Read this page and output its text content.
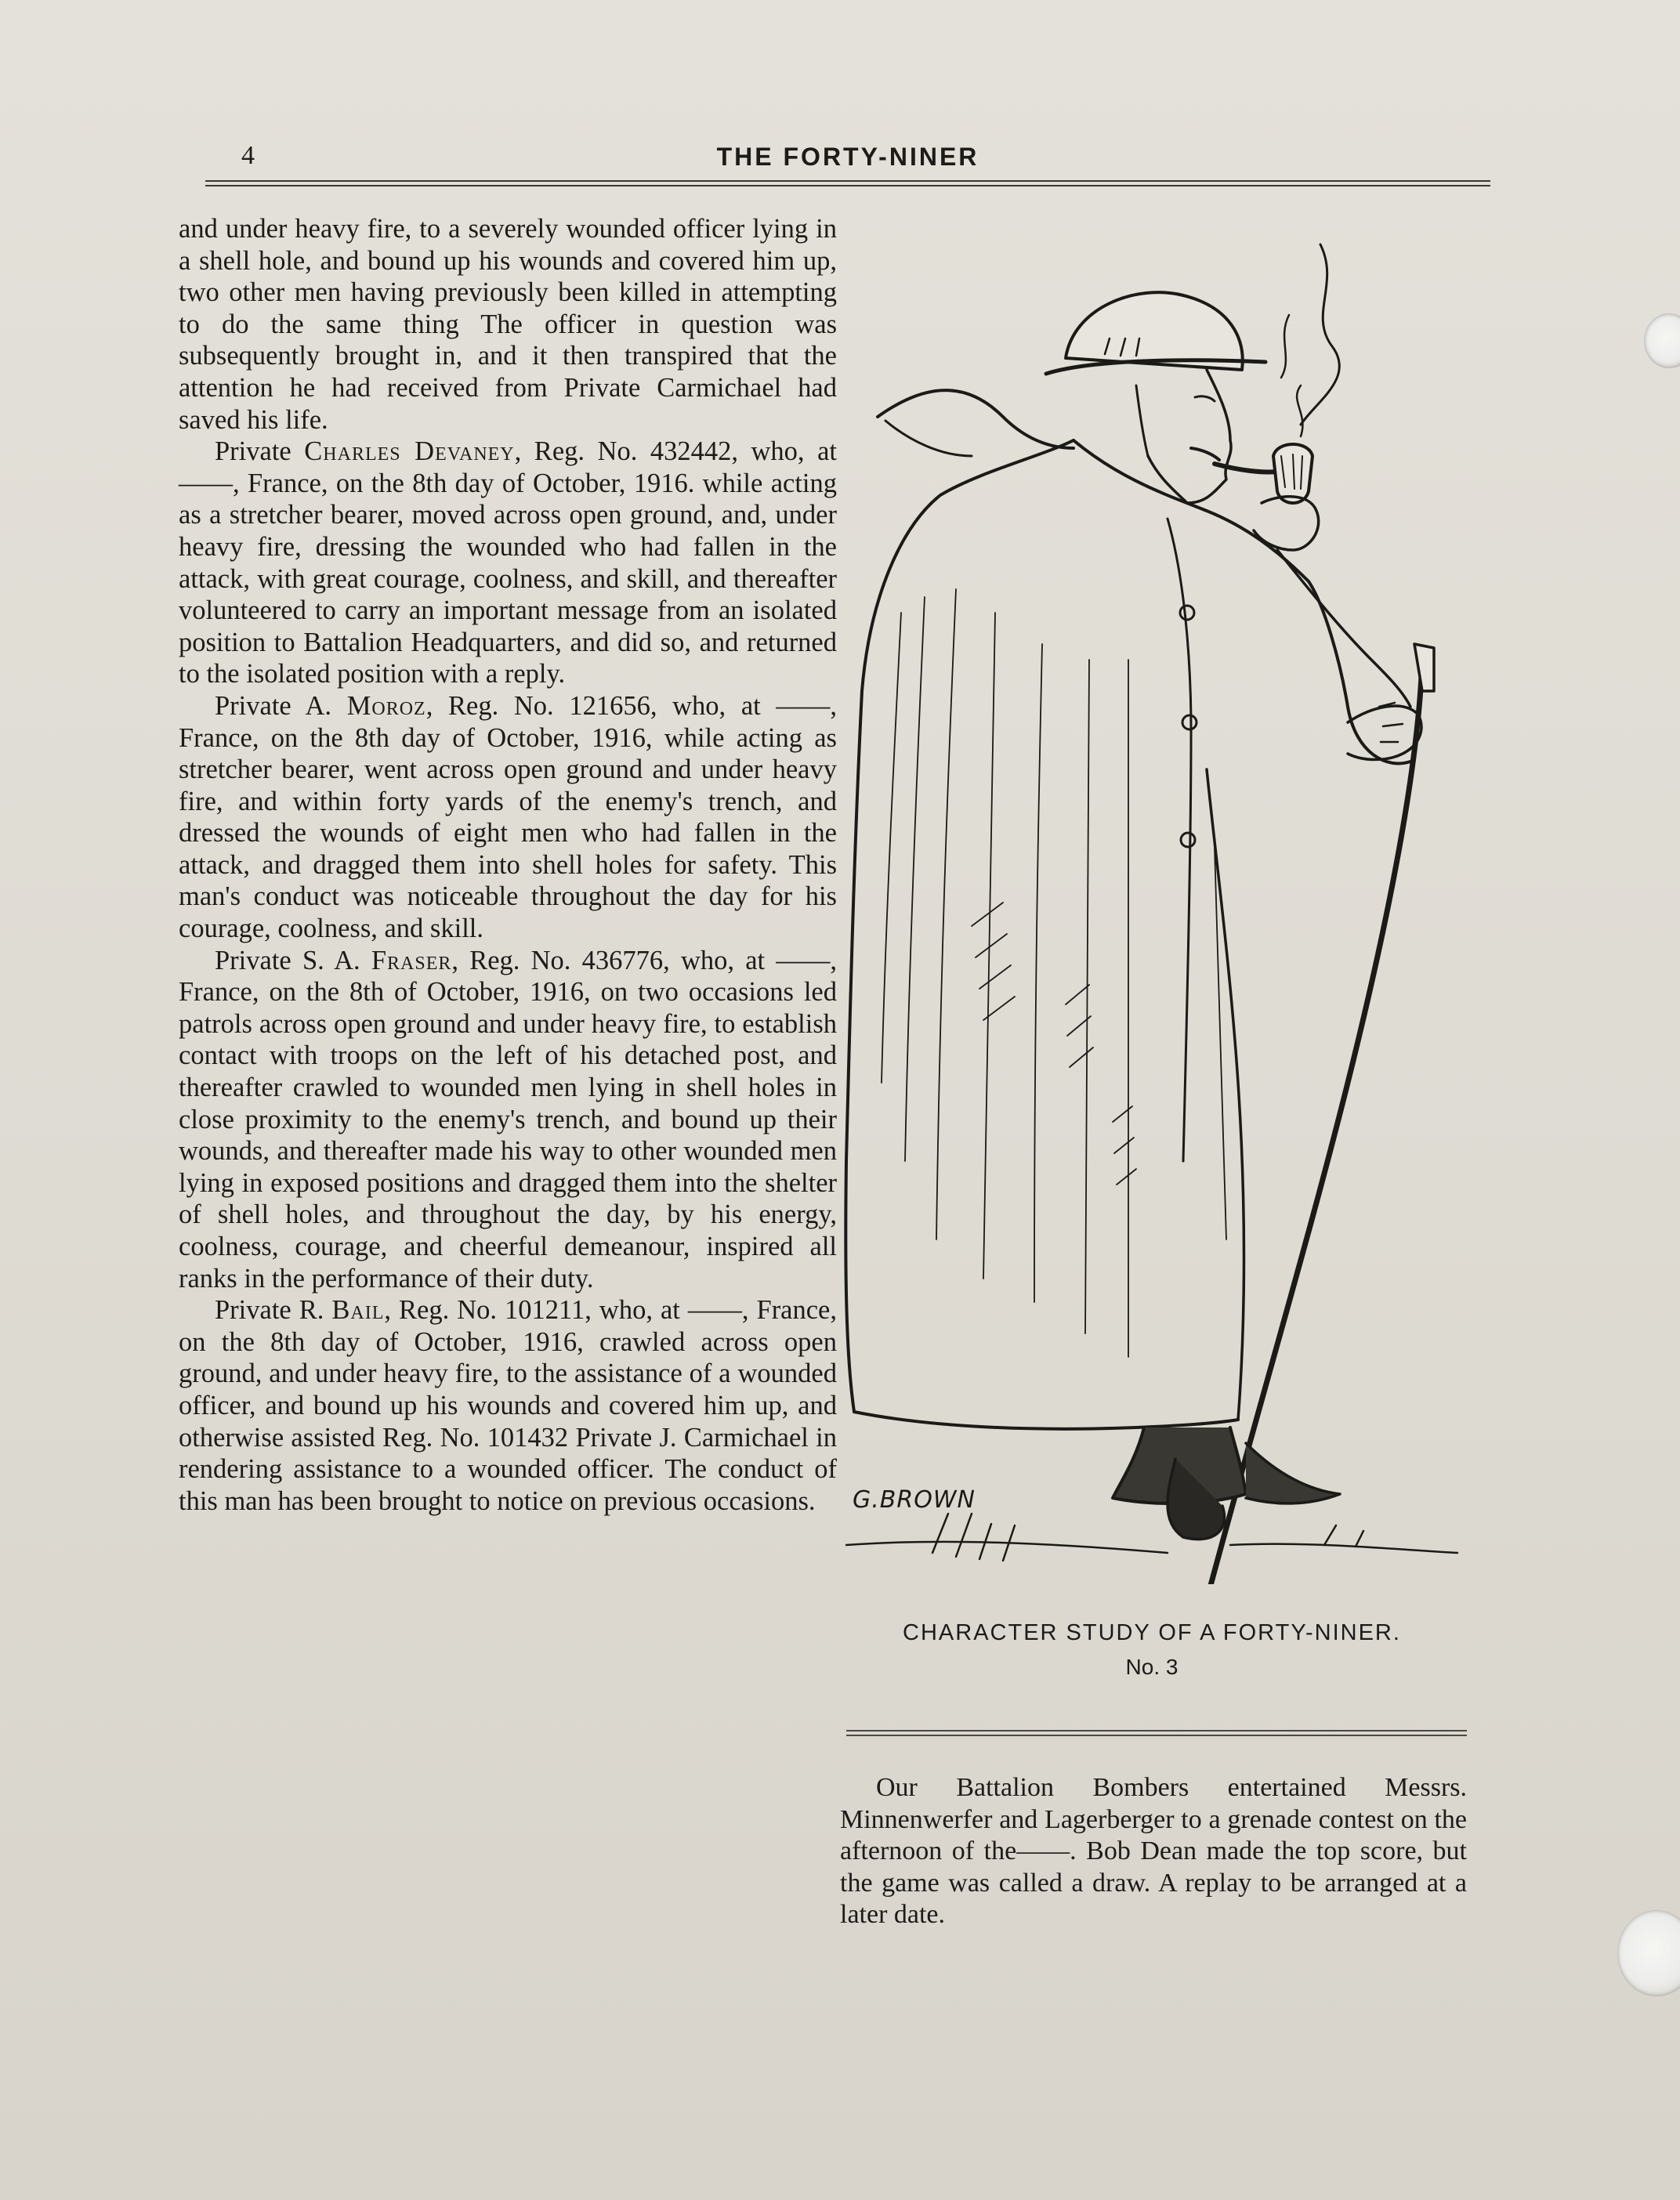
4	THE FORTY-NINER

and under heavy fire, to a severely wounded officer lying in a shell hole, and bound up his wounds and covered him up, two other men having previously been killed in attempting to do the same thing The officer in question was subsequently brought in, and it then transpired that the attention he had received from Private Carmichael had saved his life.

Private Charles Devaney, Reg. No. 432442, who, at ——, France, on the 8th day of October, 1916. while acting as a stretcher bearer, moved across open ground, and, under heavy fire, dressing the wounded who had fallen in the attack, with great courage, coolness, and skill, and thereafter volunteered to carry an important message from an isolated position to Battalion Headquarters, and did so, and returned to the isolated position with a reply.

Private A. Moroz, Reg. No. 121656, who, at ——, France, on the 8th day of October, 1916, while acting as stretcher bearer, went across open ground and under heavy fire, and within forty yards of the enemy's trench, and dressed the wounds of eight men who had fallen in the attack, and dragged them into shell holes for safety. This man's conduct was noticeable throughout the day for his courage, coolness, and skill.

Private S. A. Fraser, Reg. No. 436776, who, at ——, France, on the 8th of October, 1916, on two occasions led patrols across open ground and under heavy fire, to establish contact with troops on the left of his detached post, and thereafter crawled to wounded men lying in shell holes in close proximity to the enemy's trench, and bound up their wounds, and thereafter made his way to other wounded men lying in exposed positions and dragged them into the shelter of shell holes, and throughout the day, by his energy, coolness, courage, and cheerful demeanour, inspired all ranks in the performance of their duty.

Private R. Bail, Reg. No. 101211, who, at ——, France, on the 8th day of October, 1916, crawled across open ground, and under heavy fire, to the assistance of a wounded officer, and bound up his wounds and covered him up, and otherwise assisted Reg. No. 101432 Private J. Carmichael in rendering assistance to a wounded officer. The conduct of this man has been brought to notice on previous occasions.	G.BROWN
CHARACTER STUDY OF A FORTY-NINER.
No. 3

Our Battalion Bombers entertained Messrs. Minnenwerfer and Lagerberger to a grenade contest on the afternoon of the——. Bob Dean made the top score, but the game was called a draw. A replay to be arranged at a later date.
